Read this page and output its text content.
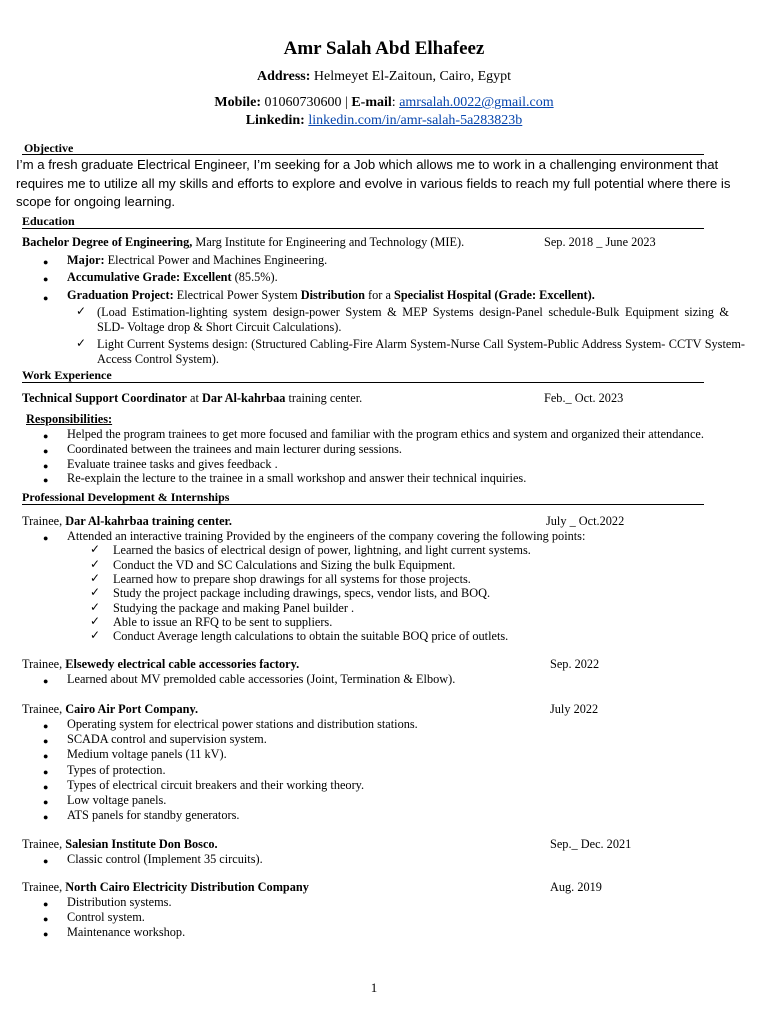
Amr Salah Abd Elhafeez
Address: Helmeyet El-Zaitoun, Cairo, Egypt
Mobile: 01060730600 | E-mail: amrsalah.0022@gmail.com
Linkedin: linkedin.com/in/amr-salah-5a283823b
Objective
I’m a fresh graduate Electrical Engineer, I’m seeking for a Job which allows me to work in a challenging environment that requires me to utilize all my skills and efforts to explore and evolve in various fields to reach my full potential where there is scope for ongoing learning.
Education
Bachelor Degree of Engineering, Marg Institute for Engineering and Technology (MIE).	Sep. 2018 _ June 2023
● Major: Electrical Power and Machines Engineering.
● Accumulative Grade: Excellent (85.5%).
● Graduation Project: Electrical Power System Distribution for a Specialist Hospital (Grade: Excellent).
✓ (Load Estimation-lighting system design-power System & MEP Systems design-Panel schedule-Bulk Equipment sizing & SLD- Voltage drop & Short Circuit Calculations).
✓ Light Current Systems design: (Structured Cabling-Fire Alarm System-Nurse Call System-Public Address System- CCTV System-Access Control System).
Work Experience
Technical Support Coordinator at Dar Al-kahrbaa training center.	Feb._ Oct. 2023
Responsibilities:
● Helped the program trainees to get more focused and familiar with the program ethics and system and organized their attendance.
● Coordinated between the trainees and main lecturer during sessions.
● Evaluate trainee tasks and gives feedback .
● Re-explain the lecture to the trainee in a small workshop and answer their technical inquiries.
Professional Development & Internships
Trainee, Dar Al-kahrbaa training center.	July _ Oct.2022
● Attended an interactive training Provided by the engineers of the company covering the following points:
✓ Learned the basics of electrical design of power, lightning, and light current systems.
✓ Conduct the VD and SC Calculations and Sizing the bulk Equipment.
✓ Learned how to prepare shop drawings for all systems for those projects.
✓ Study the project package including drawings, specs, vendor lists, and BOQ.
✓ Studying the package and making Panel builder .
✓ Able to issue an RFQ to be sent to suppliers.
✓ Conduct Average length calculations to obtain the suitable BOQ price of outlets.
Trainee, Elsewedy electrical cable accessories factory.	Sep. 2022
● Learned about MV premolded cable accessories (Joint, Termination & Elbow).
Trainee, Cairo Air Port Company.	July 2022
● Operating system for electrical power stations and distribution stations.
● SCADA control and supervision system.
● Medium voltage panels (11 kV).
● Types of protection.
● Types of electrical circuit breakers and their working theory.
● Low voltage panels.
● ATS panels for standby generators.
Trainee, Salesian Institute Don Bosco.	Sep._ Dec. 2021
● Classic control (Implement 35 circuits).
Trainee, North Cairo Electricity Distribution Company	Aug. 2019
● Distribution systems.
● Control system.
● Maintenance workshop.
1
